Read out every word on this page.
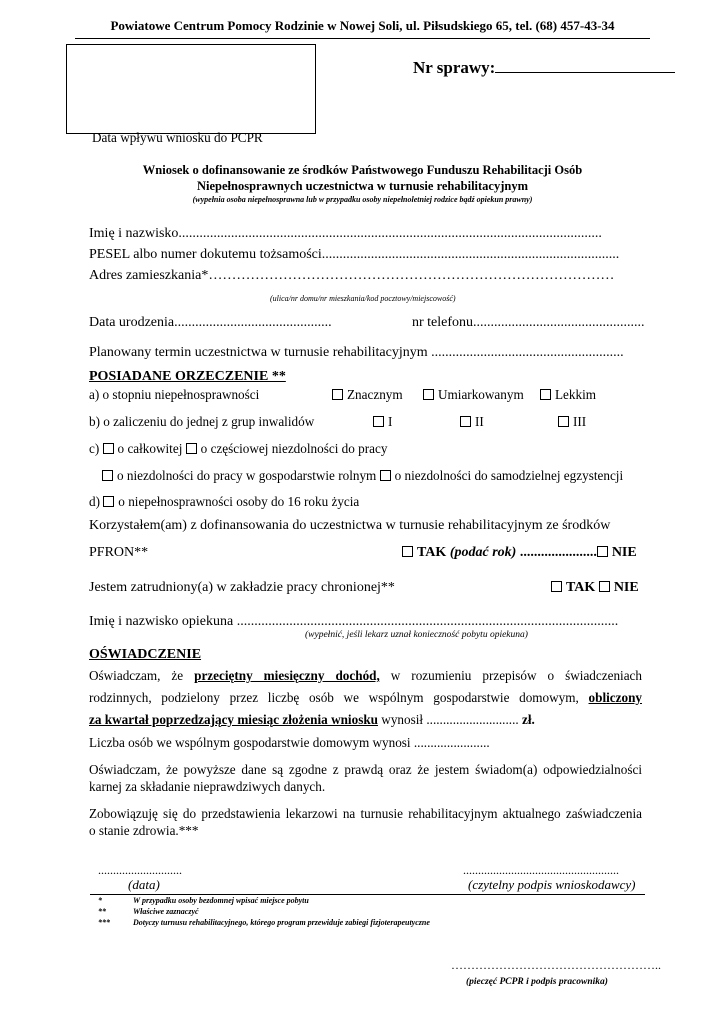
Powiatowe Centrum Pomocy Rodzinie w Nowej Soli, ul. Piłsudskiego 65, tel. (68) 457-43-34
Data wpływu wniosku do PCPR
Nr sprawy:
Wniosek o dofinansowanie ze środków Państwowego Funduszu Rehabilitacji Osób
Niepełnosprawnych uczestnictwa w turnusie rehabilitacyjnym
(wypełnia osoba niepełnosprawna lub w przypadku osoby niepełnoletniej rodzice bądź opiekun prawny)
Imię i nazwisko.........................................................................................................................
PESEL albo numer dokutemu tożsamości.....................................................................................
Adres zamieszkania*……………………………………………………………………………
(ulica/nr domu/nr mieszkania/kod pocztowy/miejscowość)
Data urodzenia.............................................	nr telefonu.................................................
Planowany termin uczestnictwa w turnusie rehabilitacyjnym .......................................................
POSIADANE ORZECZENIE **
a) o stopniu niepełnosprawności	Znacznym	Umiarkowanym	Lekkim
b) o zaliczeniu do jednej z grup inwalidów	I	II	III
c) o całkowitej o częściowej niezdolności do pracy
o niezdolności do pracy w gospodarstwie rolnym o niezdolności do samodzielnej egzystencji
d) o niepełnosprawności osoby do 16 roku życia
Korzystałem(am) z dofinansowania do uczestnictwa w turnusie rehabilitacyjnym ze środków
PFRON**	TAK (podać rok) ...................... NIE
Jestem zatrudniony(a) w zakładzie pracy chronionej**	TAK NIE
Imię i nazwisko opiekuna .............................................................................................................
(wypełnić, jeśli lekarz uznał konieczność pobytu opiekuna)
OŚWIADCZENIE
Oświadczam, że przeciętny miesięczny dochód, w rozumieniu przepisów o świadczeniach
rodzinnych, podzielony przez liczbę osób we wspólnym gospodarstwie domowym, obliczony
za kwartał poprzedzający miesiąc złożenia wniosku wynosił ............................ zł.
Liczba osób we wspólnym gospodarstwie domowym wynosi .......................
Oświadczam, że powyższe dane są zgodne z prawdą oraz że jestem świadom(a) odpowiedzialności
karnej za składanie nieprawdziwych danych.
Zobowiązuję się do przedstawienia lekarzowi na turnusie rehabilitacyjnym aktualnego zaświadczenia
o stanie zdrowia.***
............................
(data)
....................................................
(czytelny podpis wnioskodawcy)
*	W przypadku osoby bezdomnej wpisać miejsce pobytu
**	Właściwe zaznaczyć
***	Dotyczy turnusu rehabilitacyjnego, którego program przewiduje zabiegi fizjoterapeutyczne
……………………………………………..
(pieczęć PCPR i podpis pracownika)
